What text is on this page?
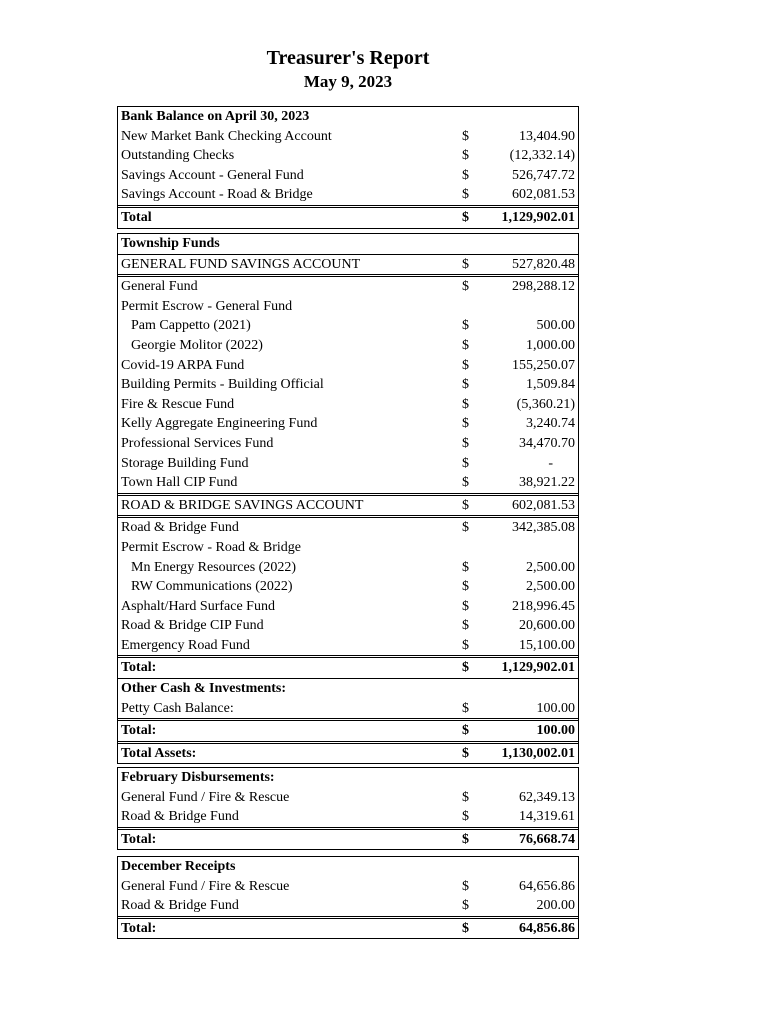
Treasurer's Report
May 9, 2023
Bank Balance on April 30, 2023
New Market Bank Checking Account	$	13,404.90
Outstanding Checks	$	(12,332.14)
Savings Account - General Fund	$	526,747.72
Savings Account - Road & Bridge	$	602,081.53
Total	$ 1,129,902.01
Township Funds
GENERAL FUND SAVINGS ACCOUNT	$	527,820.48
General Fund	$	298,288.12
Permit Escrow - General Fund
Pam Cappetto (2021)	$	500.00
Georgie Molitor (2022)	$	1,000.00
Covid-19 ARPA Fund	$	155,250.07
Building Permits - Building Official	$	1,509.84
Fire & Rescue Fund	$	(5,360.21)
Kelly Aggregate Engineering Fund	$	3,240.74
Professional Services Fund	$	34,470.70
Storage Building Fund	$	-
Town Hall CIP Fund	$	38,921.22
ROAD & BRIDGE SAVINGS ACCOUNT	$	602,081.53
Road & Bridge Fund	$	342,385.08
Permit Escrow - Road & Bridge
Mn Energy Resources (2022)	$	2,500.00
RW Communications (2022)	$	2,500.00
Asphalt/Hard Surface Fund	$	218,996.45
Road & Bridge CIP Fund	$	20,600.00
Emergency Road Fund	$	15,100.00
Total:	$ 1,129,902.01
Other Cash & Investments:
Petty Cash Balance:	$	100.00
Total:	$	100.00
Total Assets:	$ 1,130,002.01
February Disbursements:
General Fund / Fire & Rescue	$	62,349.13
Road & Bridge Fund	$	14,319.61
Total:	$	76,668.74
December Receipts
General Fund / Fire & Rescue	$	64,656.86
Road & Bridge Fund	$	200.00
Total:	$	64,856.86
